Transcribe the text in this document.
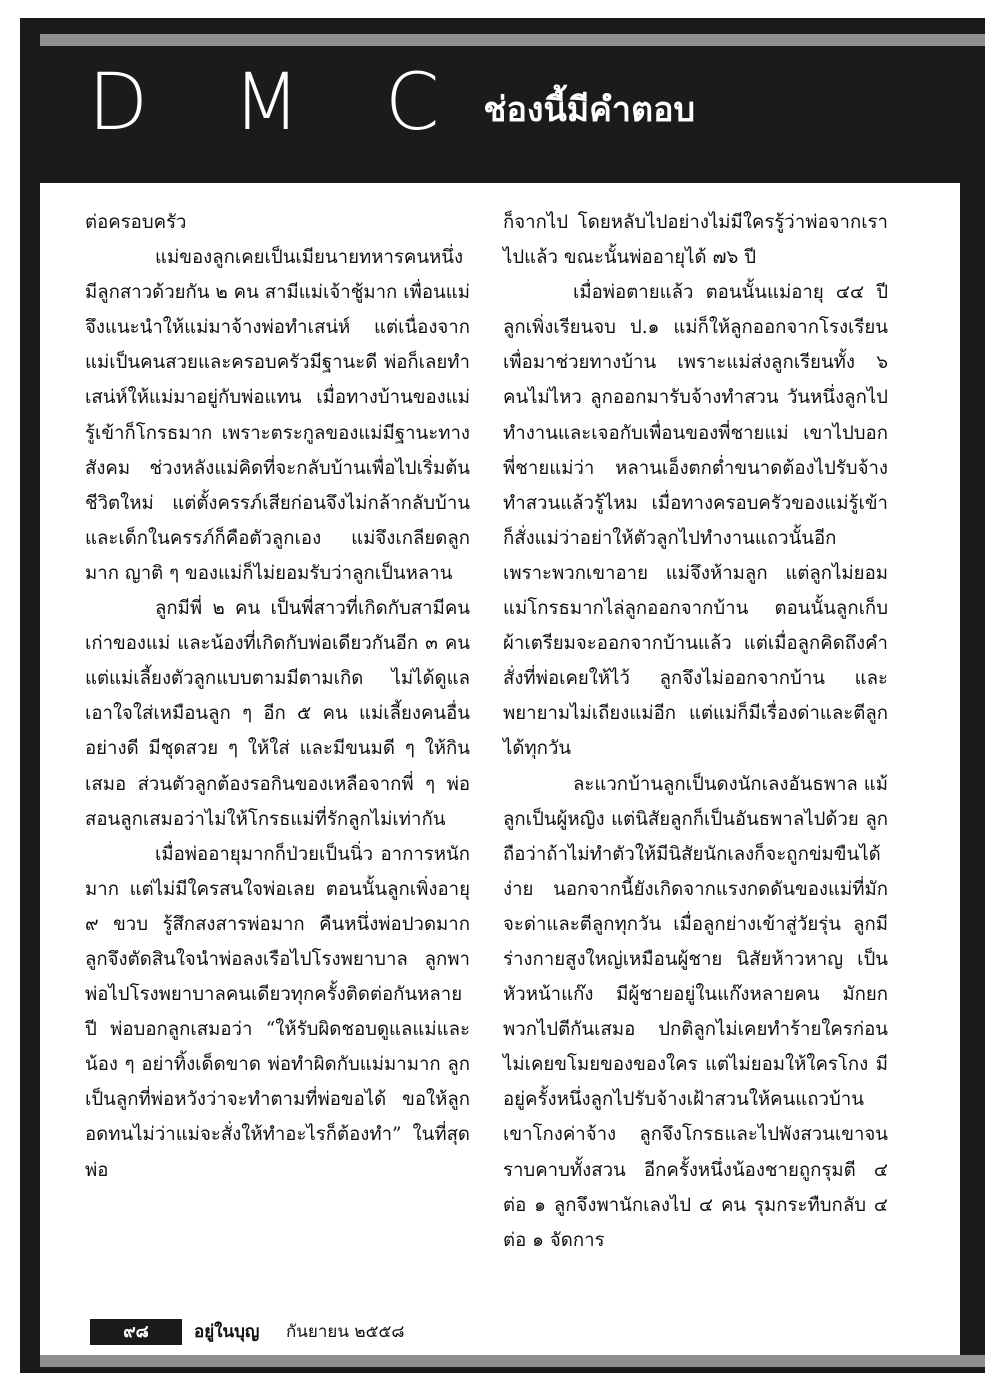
D M C ช่องนี้มีคำตอบ

ต่อครอบครัว

แม่ของลูกเคยเป็นเมียนายทหารคนหนึ่ง มีลูกสาวด้วยกัน ๒ คน สามีแม่เจ้าชู้มาก เพื่อนแม่จึงแนะนำให้แม่มาจ้างพ่อทำเสน่ห์ แต่เนื่องจากแม่เป็นคนสวยและครอบครัวมีฐานะดี พ่อก็เลยทำเสน่ห์ให้แม่มาอยู่กับพ่อแทน เมื่อทางบ้านของแม่รู้เข้าก็โกรธมาก เพราะตระกูลของแม่มีฐานะทางสังคม ช่วงหลังแม่คิดที่จะกลับบ้านเพื่อไปเริ่มต้นชีวิตใหม่ แต่ตั้งครรภ์เสียก่อนจึงไม่กล้ากลับบ้าน และเด็กในครรภ์ก็คือตัวลูกเอง แม่จึงเกลียดลูกมาก ญาติ ๆ ของแม่ก็ไม่ยอมรับว่าลูกเป็นหลาน

ลูกมีพี่ ๒ คน เป็นพี่สาวที่เกิดกับสามีคนเก่าของแม่ และน้องที่เกิดกับพ่อเดียวกันอีก ๓ คน แต่แม่เลี้ยงตัวลูกแบบตามมีตามเกิด ไม่ได้ดูแลเอาใจใส่เหมือนลูก ๆ อีก ๕ คน แม่เลี้ยงคนอื่นอย่างดี มีชุดสวย ๆ ให้ใส่ และมีขนมดี ๆ ให้กินเสมอ ส่วนตัวลูกต้องรอกินของเหลือจากพี่ ๆ พ่อสอนลูกเสมอว่าไม่ให้โกรธแม่ที่รักลูกไม่เท่ากัน

เมื่อพ่ออายุมากก็ป่วยเป็นนิ่ว อาการหนักมาก แต่ไม่มีใครสนใจพ่อเลย ตอนนั้นลูกเพิ่งอายุ ๙ ขวบ รู้สึกสงสารพ่อมาก คืนหนึ่งพ่อปวดมาก ลูกจึงตัดสินใจนำพ่อลงเรือไปโรงพยาบาล ลูกพาพ่อไปโรงพยาบาลคนเดียวทุกครั้งติดต่อกันหลายปี พ่อบอกลูกเสมอว่า “ให้รับผิดชอบดูแลแม่และน้อง ๆ อย่าทิ้งเด็ดขาด พ่อทำผิดกับแม่มามาก ลูกเป็นลูกที่พ่อหวังว่าจะทำตามที่พ่อขอได้ ขอให้ลูกอดทนไม่ว่าแม่จะสั่งให้ทำอะไรก็ต้องทำ” ในที่สุดพ่อ

ก็จากไป โดยหลับไปอย่างไม่มีใครรู้ว่าพ่อจากเราไปแล้ว ขณะนั้นพ่ออายุได้ ๗๖ ปี

เมื่อพ่อตายแล้ว ตอนนั้นแม่อายุ ๔๔ ปี ลูกเพิ่งเรียนจบ ป.๑ แม่ก็ให้ลูกออกจากโรงเรียนเพื่อมาช่วยทางบ้าน เพราะแม่ส่งลูกเรียนทั้ง ๖ คนไม่ไหว ลูกออกมารับจ้างทำสวน วันหนึ่งลูกไปทำงานและเจอกับเพื่อนของพี่ชายแม่ เขาไปบอกพี่ชายแม่ว่า หลานเอ็งตกต่ำขนาดต้องไปรับจ้างทำสวนแล้วรู้ไหม เมื่อทางครอบครัวของแม่รู้เข้าก็สั่งแม่ว่าอย่าให้ตัวลูกไปทำงานแถวนั้นอีก เพราะพวกเขาอาย แม่จึงห้ามลูก แต่ลูกไม่ยอม แม่โกรธมากไล่ลูกออกจากบ้าน ตอนนั้นลูกเก็บผ้าเตรียมจะออกจากบ้านแล้ว แต่เมื่อลูกคิดถึงคำสั่งที่พ่อเคยให้ไว้ ลูกจึงไม่ออกจากบ้าน และพยายามไม่เถียงแม่อีก แต่แม่ก็มีเรื่องด่าและตีลูกได้ทุกวัน

ละแวกบ้านลูกเป็นดงนักเลงอันธพาล แม้ลูกเป็นผู้หญิง แต่นิสัยลูกก็เป็นอันธพาลไปด้วย ลูกถือว่าถ้าไม่ทำตัวให้มีนิสัยนักเลงก็จะถูกข่มขืนได้ง่าย นอกจากนี้ยังเกิดจากแรงกดดันของแม่ที่มักจะด่าและตีลูกทุกวัน เมื่อลูกย่างเข้าสู่วัยรุ่น ลูกมีร่างกายสูงใหญ่เหมือนผู้ชาย นิสัยห้าวหาญ เป็นหัวหน้าแก๊ง มีผู้ชายอยู่ในแก๊งหลายคน มักยกพวกไปตีกันเสมอ ปกติลูกไม่เคยทำร้ายใครก่อน ไม่เคยขโมยของของใคร แต่ไม่ยอมให้ใครโกง มีอยู่ครั้งหนึ่งลูกไปรับจ้างเฝ้าสวนให้คนแถวบ้าน เขาโกงค่าจ้าง ลูกจึงโกรธและไปพังสวนเขาจนราบคาบทั้งสวน อีกครั้งหนึ่งน้องชายถูกรุมตี ๔ ต่อ ๑ ลูกจึงพานักเลงไป ๔ คน รุมกระทืบกลับ ๔ ต่อ ๑ จัดการ

๙๘	อยู่ในบุญ กันยายน ๒๕๕๘
